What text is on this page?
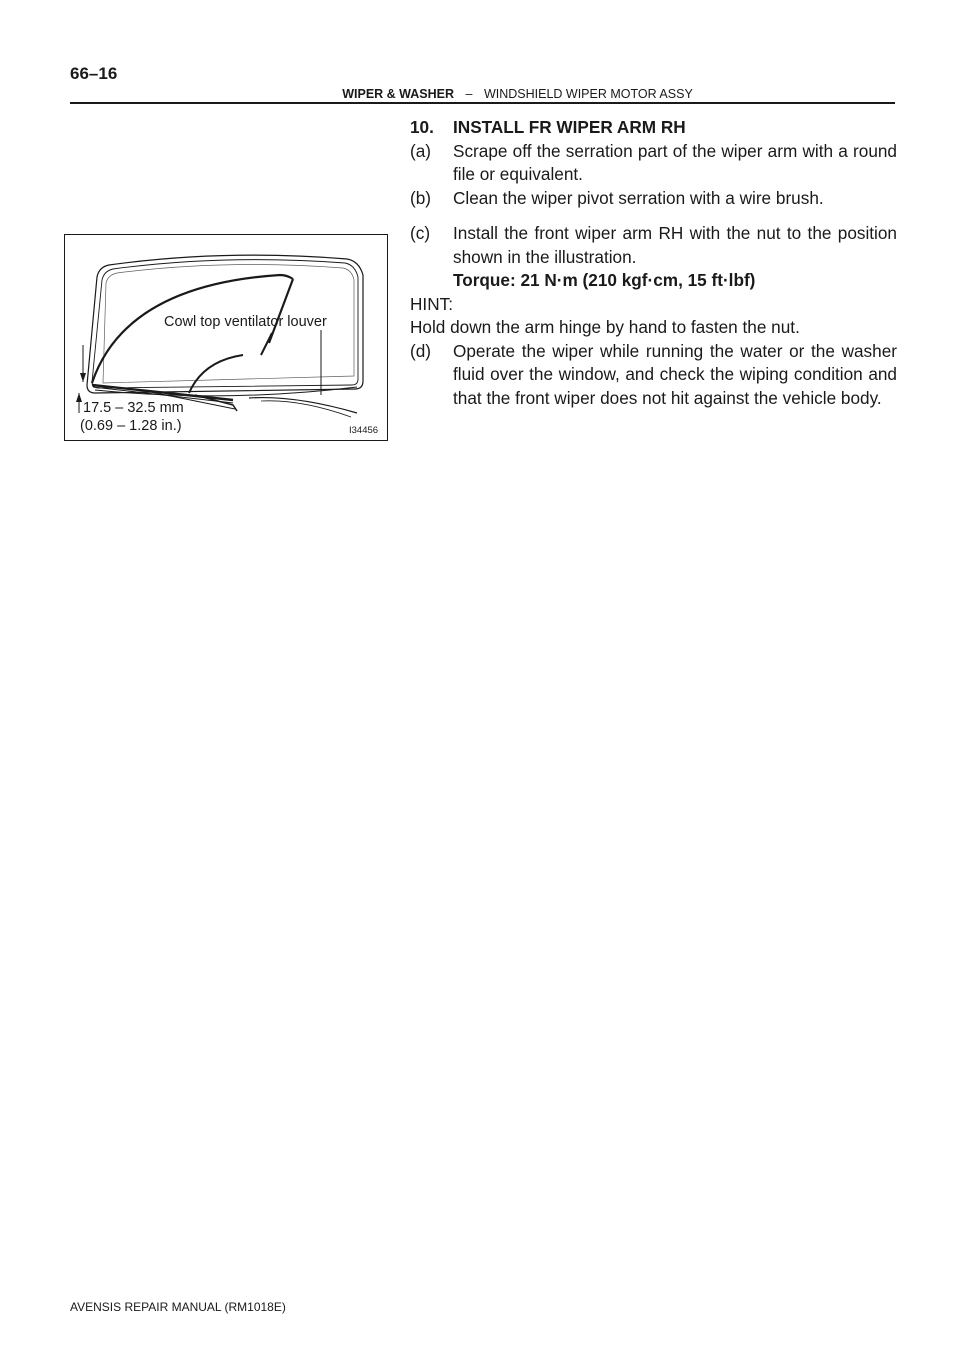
66–16
WIPER & WASHER – WINDSHIELD WIPER MOTOR ASSY
10.	INSTALL FR WIPER ARM RH
(a)	Scrape off the serration part of the wiper arm with a round file or equivalent.
(b)	Clean the wiper pivot serration with a wire brush.
(c)	Install the front wiper arm RH with the nut to the position shown in the illustration.
Torque: 21 N·m (210 kgf·cm, 15 ft·lbf)
HINT:
Hold down the arm hinge by hand to fasten the nut.
(d)	Operate the wiper while running the water or the washer fluid over the window, and check the wiping condition and that the front wiper does not hit against the vehicle body.
Cowl top ventilator louver
17.5 – 32.5 mm
(0.69 – 1.28 in.)	I34456
AVENSIS REPAIR MANUAL (RM1018E)
